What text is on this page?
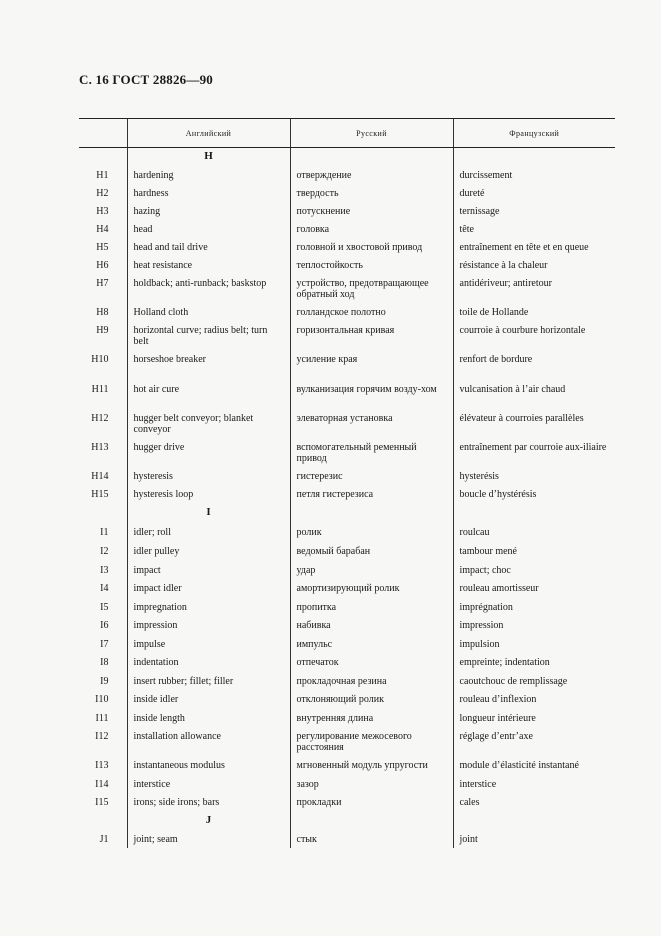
С. 16 ГОСТ 28826—90
	Английский	Русский	Французский
	Н		
Н1	hardening	отверждение	durcissement
Н2	hardness	твердость	dureté
Н3	hazing	потускнение	ternissage
Н4	head	головка	tête
Н5	head and tail drive	головной и хвостовой привод	entraînement en tête et en queue
Н6	heat resistance	теплостойкость	résistance à la chaleur
Н7	holdback; anti-runback; baskstop	устройство, предотвращающее обратный ход	antidériveur; antiretour
Н8	Holland cloth	голландское полотно	toile de Hollande
Н9	horizontal curve; radius belt; turn belt	горизонтальная кривая	courroie à courbure horizontale
Н10	horseshoe breaker	усиление края	renfort de bordure
Н11	hot air cure	вулканизация горячим возду-хом	vulcanisation à l’air chaud
Н12	hugger belt conveyor; blanket conveyor	элеваторная установка	élévateur à courroies parallèles
Н13	hugger drive	вспомогательный ременный привод	entraînement par courroie aux-iliaire
Н14	hysteresis	гистерезис	hysterésis
Н15	hysteresis loop	петля гистерезиса	boucle d’hystérésis
	I		
I1	idler; roll	ролик	roulcau
I2	idler pulley	ведомый барабан	tambour mené
I3	impact	удар	impact; choc
I4	impact idler	амортизирующий ролик	rouleau amortisseur
I5	impregnation	пропитка	imprégnation
I6	impression	набивка	impression
I7	impulse	импульс	impulsion
I8	indentation	отпечаток	empreinte; indentation
I9	insert rubber; fillet; filler	прокладочная резина	caoutchouc de remplissage
I10	inside idler	отклоняющий ролик	rouleau d’inflexion
I11	inside length	внутренняя длина	longueur intérieure
I12	installation allowance	регулирование межосевого расстояния	réglage d’entr’axe
I13	instantaneous modulus	мгновенный модуль упругости	module d’élasticité instantané
I14	interstice	зазор	interstice
I15	irons; side irons; bars	прокладки	cales
	J		
J1	joint; seam	стык	joint
